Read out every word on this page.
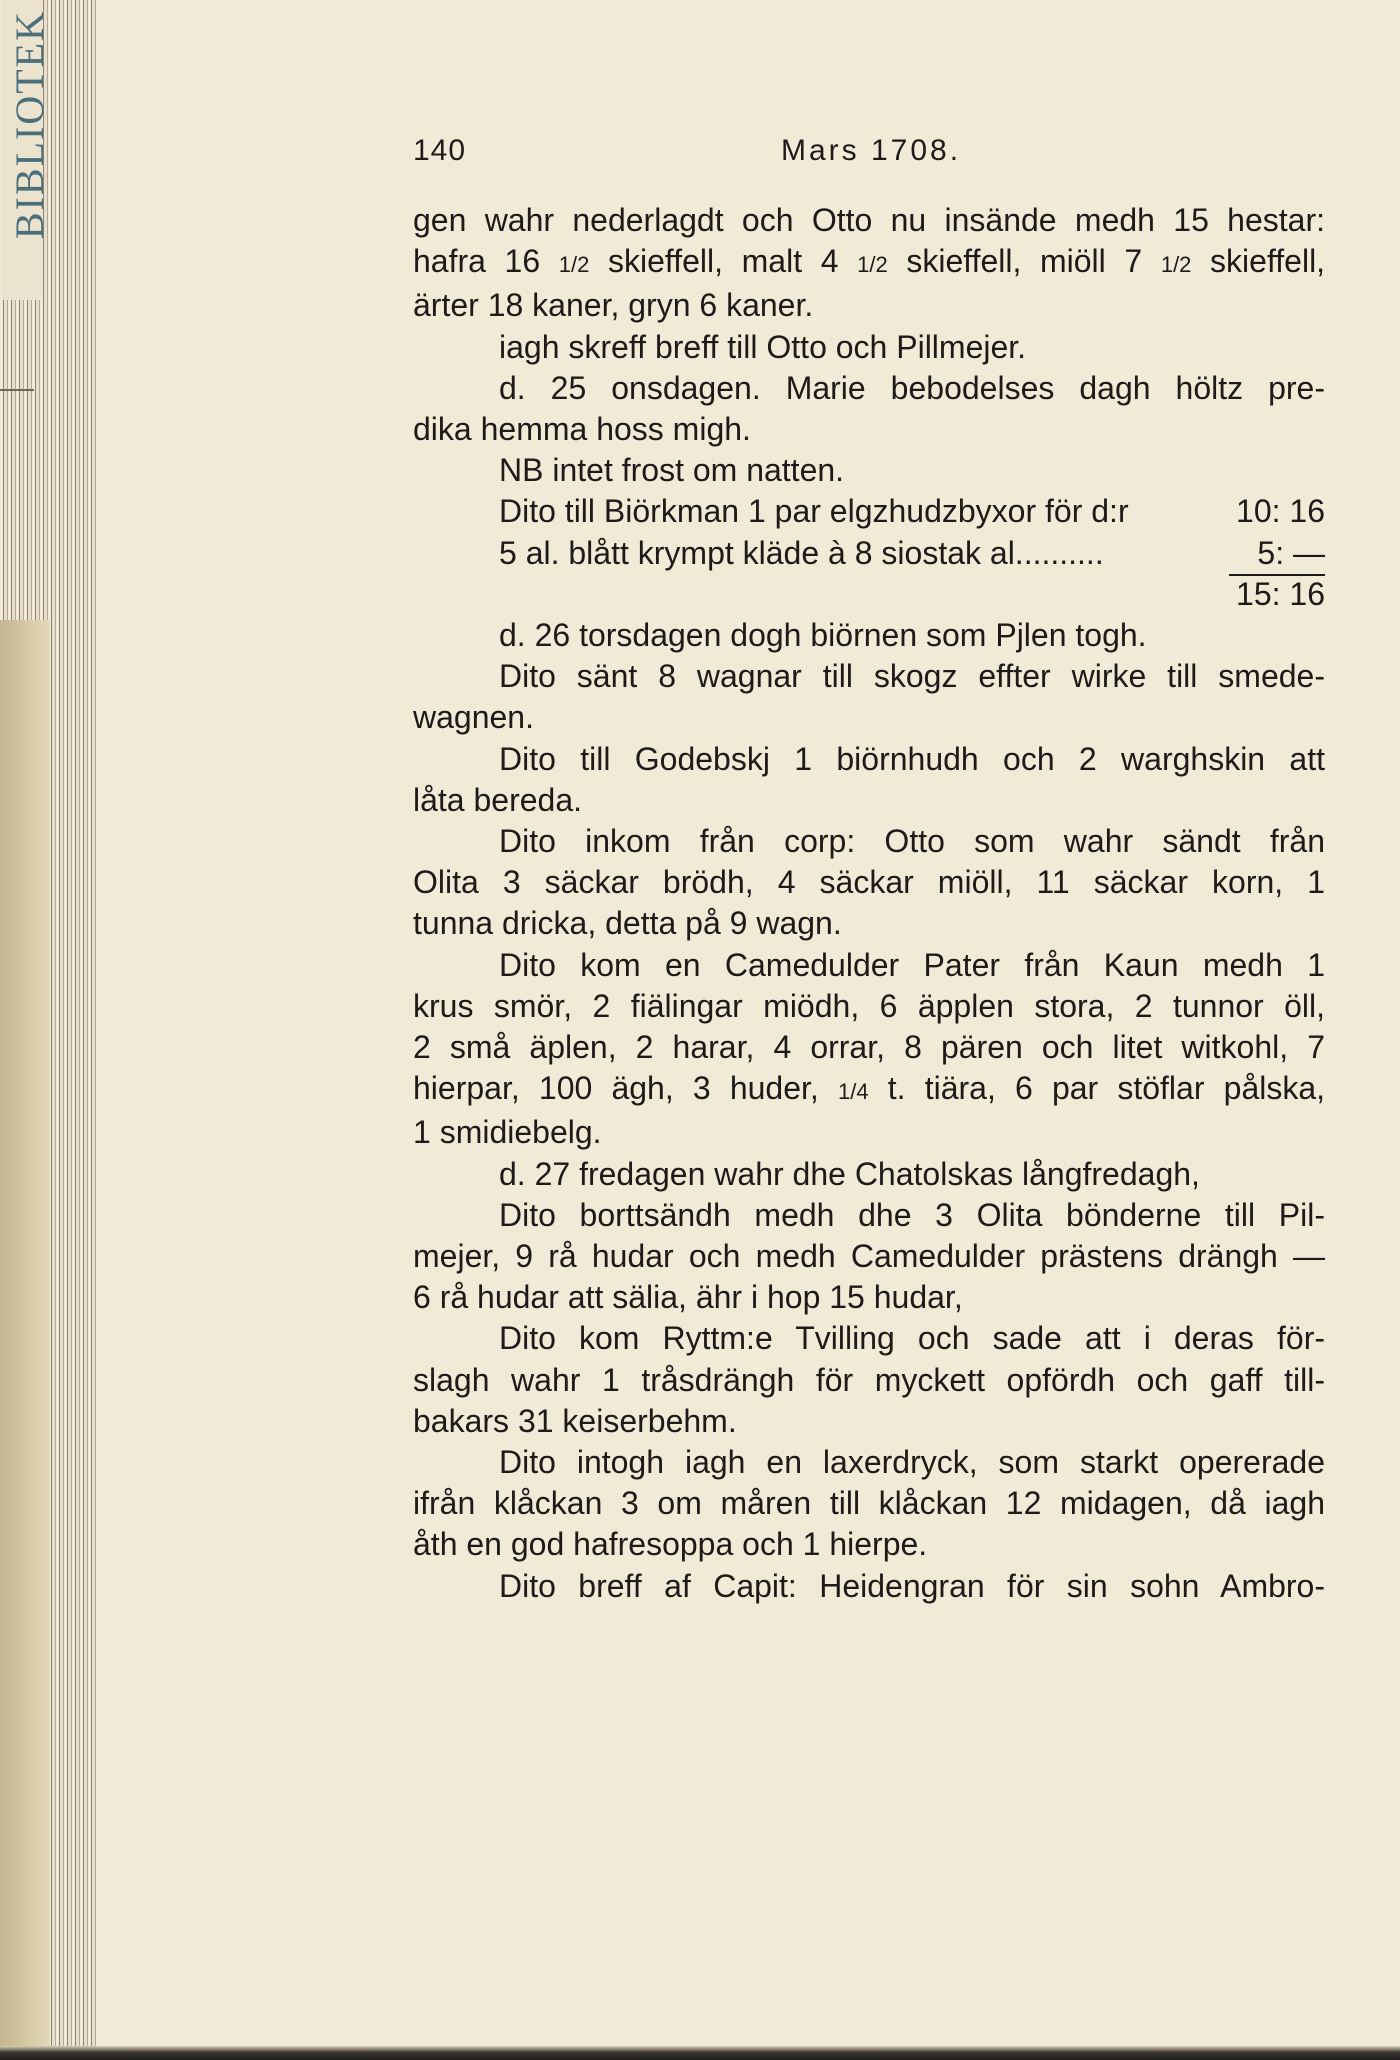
BIBLIOTEK	140	Mars 1708.

gen wahr nederlagdt och Otto nu insände medh 15 hestar:
hafra 16 1/2 skieffell, malt 4 1/2 skieffell, miöll 7 1/2 skieffell,
ärter 18 kaner, gryn 6 kaner.

iagh skreff breff till Otto och Pillmejer.

d. 25 onsdagen. Marie bebodelses dagh höltz pre-
dika hemma hoss migh.

NB intet frost om natten.

Dito till Biörkman 1 par elgzhudzbyxor för d:r	10: 16
5 al. blått krympt kläde à 8 siostak al..........	5: —
15: 16

d. 26 torsdagen dogh biörnen som Pjlen togh.

Dito sänt 8 wagnar till skogz effter wirke till smede-
wagnen.

Dito till Godebskj 1 biörnhudh och 2 warghskin att
låta bereda.

Dito inkom från corp: Otto som wahr sändt från
Olita 3 säckar brödh, 4 säckar miöll, 11 säckar korn, 1
tunna dricka, detta på 9 wagn.

Dito kom en Camedulder Pater från Kaun medh 1
krus smör, 2 fiälingar miödh, 6 äpplen stora, 2 tunnor öll,
2 små äplen, 2 harar, 4 orrar, 8 pären och litet witkohl, 7
hierpar, 100 ägh, 3 huder, 1/4 t. tiära, 6 par stöflar pålska,
1 smidiebelg.

d. 27 fredagen wahr dhe Chatolskas långfredagh,

Dito borttsändh medh dhe 3 Olita bönderne till Pil-
mejer, 9 rå hudar och medh Camedulder prästens drängh —
6 rå hudar att sälia, ähr i hop 15 hudar,

Dito kom Ryttm:e Tvilling och sade att i deras för-
slagh wahr 1 tråsdrängh för myckett opfördh och gaff till-
bakars 31 keiserbehm.

Dito intogh iagh en laxerdryck, som starkt opererade
ifrån klåckan 3 om måren till klåckan 12 midagen, då iagh
åth en god hafresoppa och 1 hierpe.

Dito breff af Capit: Heidengran för sin sohn Ambro-
